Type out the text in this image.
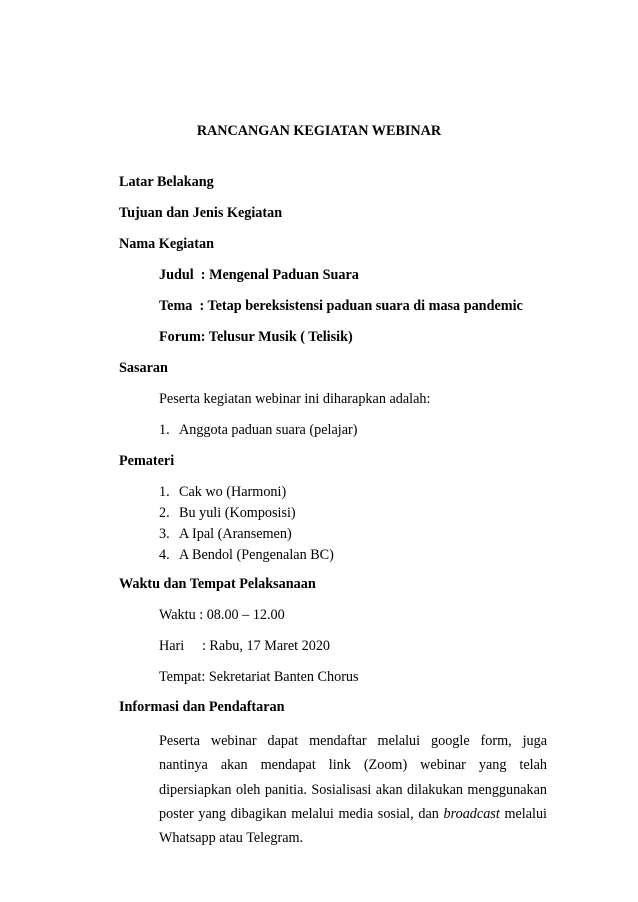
RANCANGAN KEGIATAN WEBINAR
Latar Belakang
Tujuan dan Jenis Kegiatan
Nama Kegiatan
Judul  : Mengenal Paduan Suara
Tema  : Tetap bereksistensi paduan suara di masa pandemic
Forum: Telusur Musik ( Telisik)
Sasaran
Peserta kegiatan webinar ini diharapkan adalah:
1. Anggota paduan suara (pelajar)
Pemateri
1. Cak wo (Harmoni)
2. Bu yuli (Komposisi)
3. A Ipal (Aransemen)
4. A Bendol (Pengenalan BC)
Waktu dan Tempat Pelaksanaan
Waktu : 08.00 – 12.00
Hari     : Rabu, 17 Maret 2020
Tempat: Sekretariat Banten Chorus
Informasi dan Pendaftaran
Peserta webinar dapat mendaftar melalui google form, juga nantinya akan mendapat link (Zoom) webinar yang telah dipersiapkan oleh panitia. Sosialisasi akan dilakukan menggunakan poster yang dibagikan melalui media sosial, dan broadcast melalui Whatsapp atau Telegram.
